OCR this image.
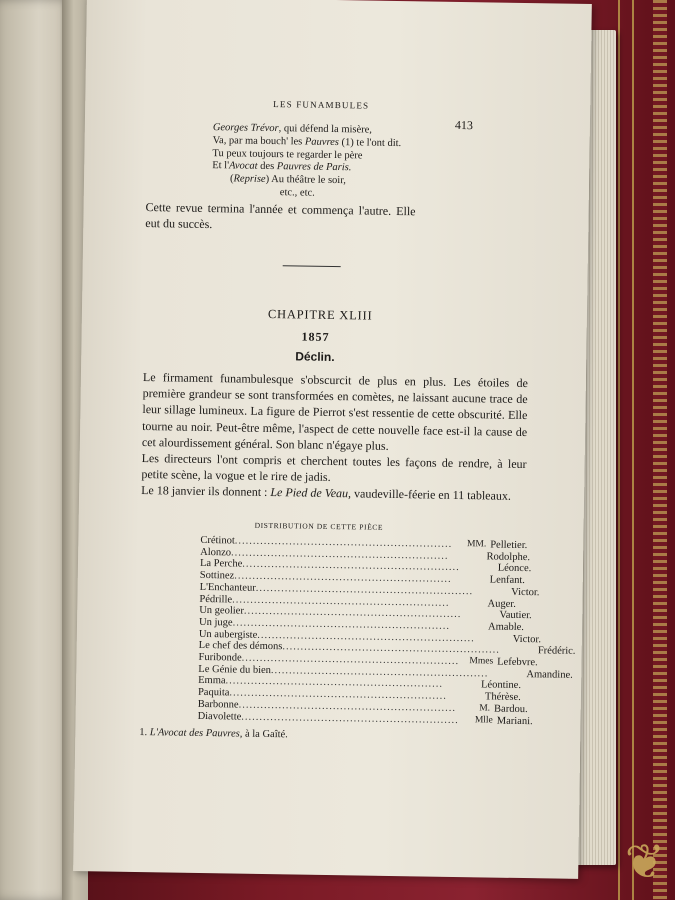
❦
LES FUNAMBULES
413
Georges Trévor, qui défend la misère,
Va, par ma bouch' les Pauvres (1) te l'ont dit.
Tu peux toujours te regarder le père
Et l'Avocat des Pauvres de Paris.
(Reprise) Au théâtre le soir,
etc., etc.

Cette revue termina l'année et commença l'autre. Elle eut du succès.

CHAPITRE XLIII
1857
Déclin.

Le firmament funambulesque s'obscurcit de plus en plus. Les étoiles de première grandeur se sont transformées en comètes, ne laissant aucune trace de leur sillage lumineux. La figure de Pierrot s'est ressentie de cette obscurité. Elle tourne au noir. Peut-être même, l'aspect de cette nouvelle face est-il la cause de cet alourdissement général. Son blanc n'égaye plus.

Les directeurs l'ont compris et cherchent toutes les façons de rendre, à leur petite scène, la vogue et le rire de jadis.

Le 18 janvier ils donnent : Le Pied de Veau, vaudeville-féerie en 11 tableaux.

DISTRIBUTION DE CETTE PIÈCE
Crétinot ............................................................	MM. Pelletier.
Alonzo ............................................................	Rodolphe.
La Perche ............................................................	Léonce.
Sottinez ............................................................	Lenfant.
L'Enchanteur ............................................................	Victor.
Pédrille ............................................................	Auger.
Un geolier ............................................................	Vautier.
Un juge ............................................................	Amable.
Un aubergiste ............................................................	Victor.
Le chef des démons ............................................................	Frédéric.
Furibonde ............................................................	Mmes Lefebvre.
Le Génie du bien ............................................................	Amandine.
Emma ............................................................	Léontine.
Paquita ............................................................	Thérèse.
Barbonne ............................................................	M. Bardou.
Diavolette ............................................................	Mlle Mariani.
1. L'Avocat des Pauvres, à la Gaîté.
